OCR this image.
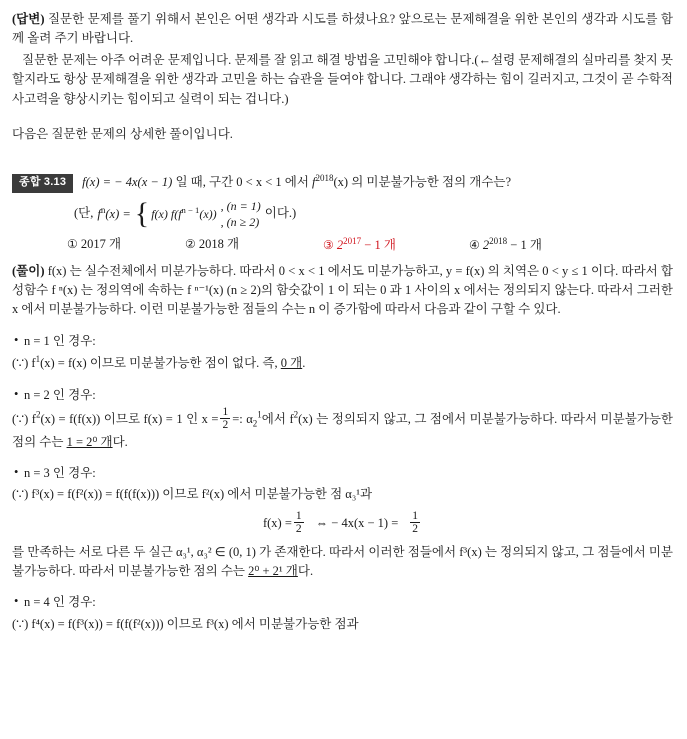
(답변) 질문한 문제를 풀기 위해서 본인은 어떤 생각과 시도를 하셨나요? 앞으로는 문제해결을 위한 본인의 생각과 시도를 함께 올려 주기 바랍니다.

질문한 문제는 아주 어려운 문제입니다. 문제를 잘 읽고 해결 방법을 고민해야 합니다.(←설령 문제해결의 실마리를 찾지 못할지라도 항상 문제해결을 위한 생각과 고민을 하는 습관을 들여야 합니다. 그래야 생각하는 힘이 길러지고, 그것이 곧 수학적 사고력을 향상시키는 힘이되고 실력이 되는 겁니다.)

다음은 질문한 문제의 상세한 풀이입니다.

종합 3.13	f(x) = − 4x(x − 1) 일 때, 구간 0 < x < 1 에서 $f^{2018}(x)$ 의 미분불가능한 점의 개수는?
(단, $f^n(x)$ = { f(x) $f(f^{n - 1}(x))$
, (n = 1)
, (n ≥ 2)
이다.)
① 2017 개	② 2018 개	③ $2^{2017} - 1$ 개	④ $2^{2018} - 1$ 개

(풀이) f(x) 는 실수전체에서 미분가능하다. 따라서 0 < x < 1 에서도 미분가능하고, y = f(x) 의 치역은 0 < y ≤ 1 이다. 따라서 합성함수 f ⁿ(x) 는 정의역에 속하는 f ⁿ⁻¹(x) (n ≥ 2)의 함숫값이 1 이 되는 0 과 1 사이의 x 에서는 정의되지 않는다. 따라서 그러한 x 에서 미분불가능하다. 이런 미분불가능한 점들의 수는 n 이 증가함에 따라서 다음과 같이 구할 수 있다.

• n = 1 인 경우:
(∵) $f^1(x) = f(x)$ 이므로 미분불가능한 점이 없다. 즉, 0 개.
• n = 2 인 경우:
(∵) $f^2(x) = f(f(x))$ 이므로 f(x) = 1 인 $x = \frac{1}{2}$ =: $\alpha_2^1$에서 $f^2(x)$ 는 정의되지 않고, 그 점에서 미분불가능하다. 따라서 미분불가능한 점의 수는 1 = 2⁰ 개다.
• n = 3 인 경우:
(∵) f³(x) = f(f²(x)) = f(f(f(x))) 이므로 f²(x) 에서 미분불가능한 점 α₃¹과
$f(x) = \frac{1}{2}$ ⇔ − $4x(x - 1) = \frac{1}{2}$
를 만족하는 서로 다른 두 실근 α₃¹, α₃² ∈ (0, 1) 가 존재한다. 따라서 이러한 점들에서 f³(x) 는 정의되지 않고, 그 점들에서 미분불가능하다. 따라서 미분불가능한 점의 수는 2⁰ + 2¹ 개다.
• n = 4 인 경우:
(∵) f⁴(x) = f(f³(x)) = f(f(f²(x))) 이므로 f³(x) 에서 미분불가능한 점과
